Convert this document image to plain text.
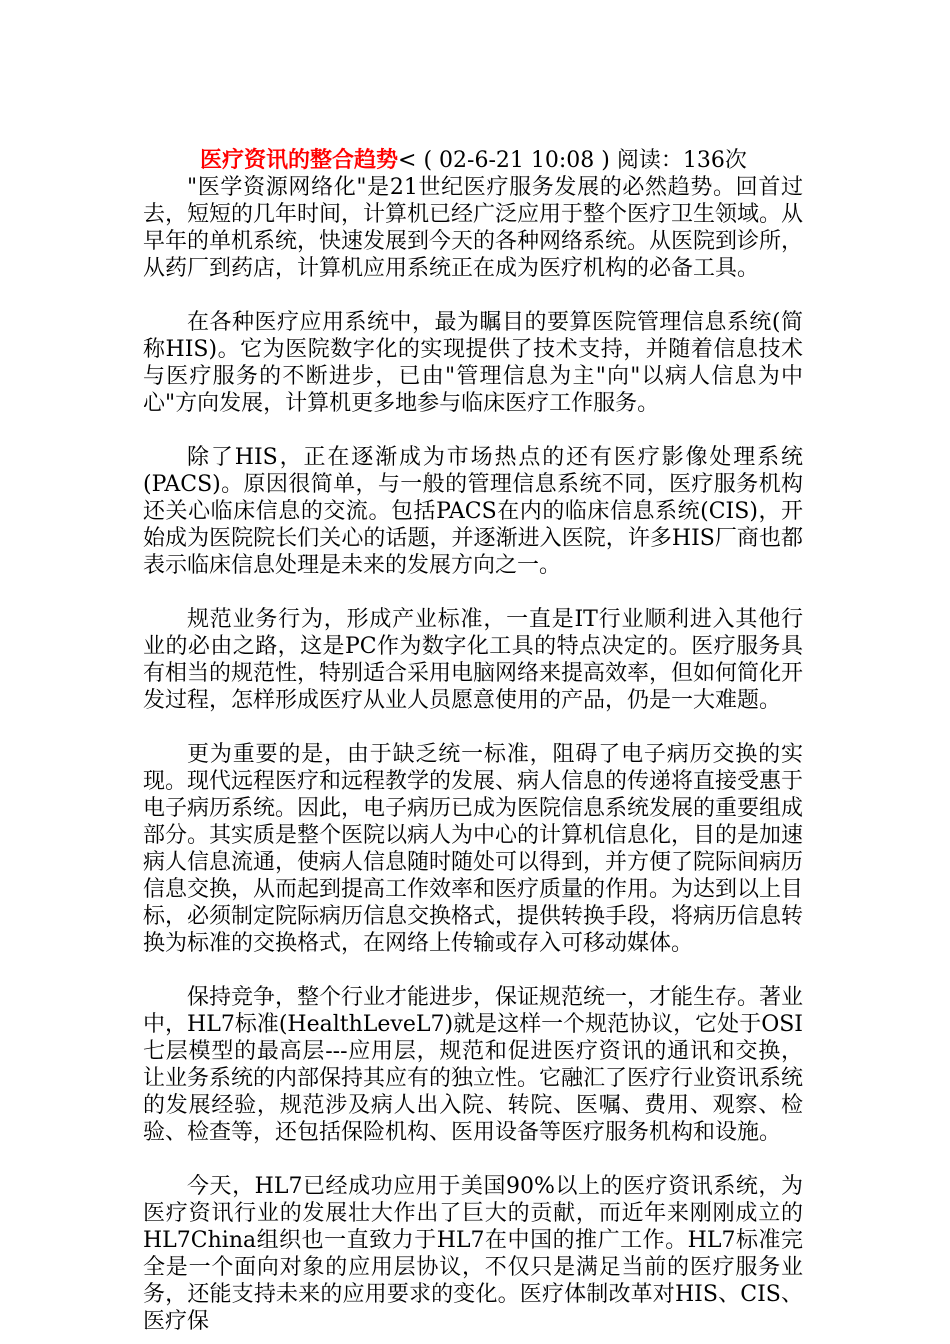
医疗资讯的整合趋势< ( 02-6-21 10:08 ) 阅读：136次

"医学资源网络化"是21世纪医疗服务发展的必然趋势。回首过去，短短的几年时间，计算机已经广泛应用于整个医疗卫生领域。从早年的单机系统，快速发展到今天的各种网络系统。从医院到诊所，从药厂到药店，计算机应用系统正在成为医疗机构的必备工具。

在各种医疗应用系统中，最为瞩目的要算医院管理信息系统(简称HIS)。它为医院数字化的实现提供了技术支持，并随着信息技术与医疗服务的不断进步，已由"管理信息为主"向"以病人信息为中心"方向发展，计算机更多地参与临床医疗工作服务。

除了HIS，正在逐渐成为市场热点的还有医疗影像处理系统(PACS)。原因很简单，与一般的管理信息系统不同，医疗服务机构还关心临床信息的交流。包括PACS在内的临床信息系统(CIS)，开始成为医院院长们关心的话题，并逐渐进入医院，许多HIS厂商也都表示临床信息处理是未来的发展方向之一。

规范业务行为，形成产业标准，一直是IT行业顺利进入其他行业的必由之路，这是PC作为数字化工具的特点决定的。医疗服务具有相当的规范性，特别适合采用电脑网络来提高效率，但如何简化开发过程，怎样形成医疗从业人员愿意使用的产品，仍是一大难题。

更为重要的是，由于缺乏统一标准，阻碍了电子病历交换的实现。现代远程医疗和远程教学的发展、病人信息的传递将直接受惠于电子病历系统。因此，电子病历已成为医院信息系统发展的重要组成部分。其实质是整个医院以病人为中心的计算机信息化，目的是加速病人信息流通，使病人信息随时随处可以得到，并方便了院际间病历信息交换，从而起到提高工作效率和医疗质量的作用。为达到以上目标，必须制定院际病历信息交换格式，提供转换手段，将病历信息转换为标准的交换格式，在网络上传输或存入可移动媒体。

保持竞争，整个行业才能进步，保证规范统一，才能生存。著业中，HL7标准(HealthLeveL7)就是这样一个规范协议，它处于OSI七层模型的最高层---应用层，规范和促进医疗资讯的通讯和交换，让业务系统的内部保持其应有的独立性。它融汇了医疗行业资讯系统的发展经验，规范涉及病人出入院、转院、医嘱、费用、观察、检验、检查等，还包括保险机构、医用设备等医疗服务机构和设施。

今天，HL7已经成功应用于美国90%以上的医疗资讯系统，为医疗资讯行业的发展壮大作出了巨大的贡献，而近年来刚刚成立的HL7China组织也一直致力于HL7在中国的推广工作。HL7标准完全是一个面向对象的应用层协议，不仅只是满足当前的医疗服务业务，还能支持未来的应用要求的变化。医疗体制改革对HIS、CIS、医疗保
